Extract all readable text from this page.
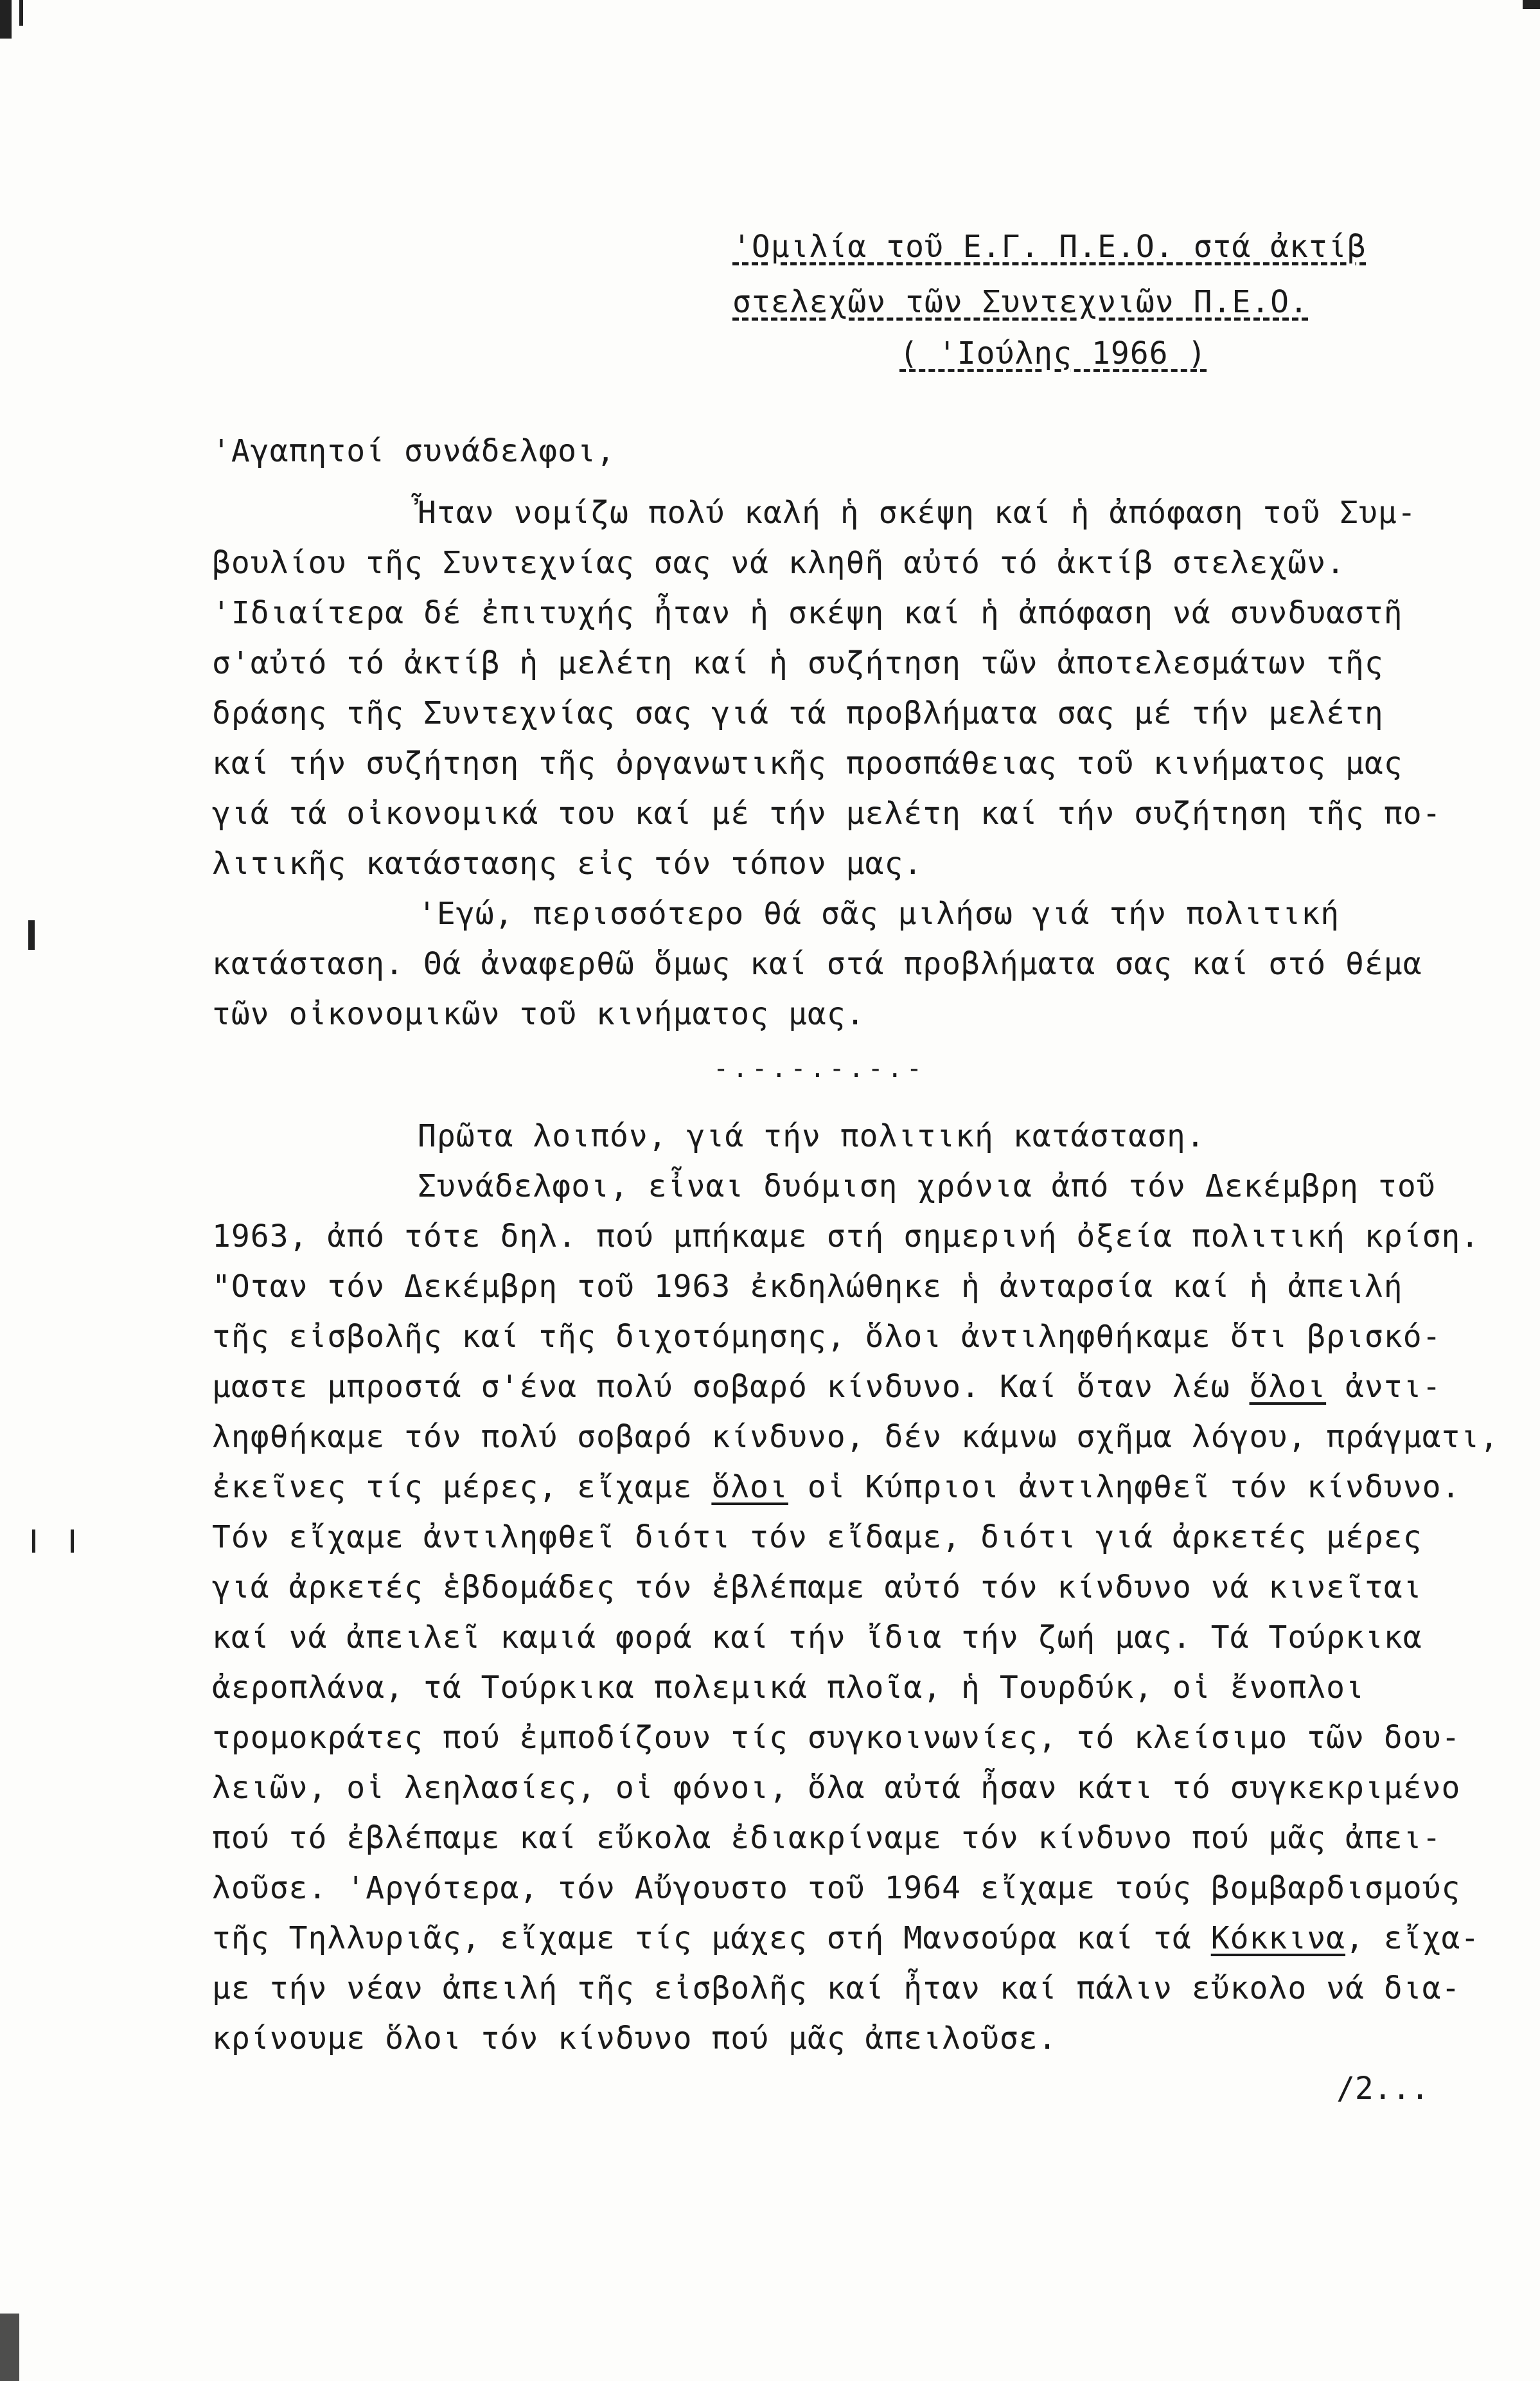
'Ομιλία τοῦ Ε.Γ. Π.Ε.Ο. στά ἀκτίβ
στελεχῶν τῶν Συντεχνιῶν Π.Ε.Ο.
( 'Ιούλης 1966 )
'Αγαπητοί συνάδελφοι,
Ἦταν νομίζω πολύ καλή ἡ σκέψη καί ἡ ἀπόφαση τοῦ Συμ-
βουλίου τῆς Συντεχνίας σας νά κληθῆ αὐτό τό ἀκτίβ στελεχῶν.
'Ιδιαίτερα δέ ἐπιτυχής ἦταν ἡ σκέψη καί ἡ ἀπόφαση νά συνδυαστῆ
σ'αὐτό τό ἀκτίβ ἡ μελέτη καί ἡ συζήτηση τῶν ἀποτελεσμάτων τῆς
δράσης τῆς Συντεχνίας σας γιά τά προβλήματα σας μέ τήν μελέτη
καί τήν συζήτηση τῆς ὀργανωτικῆς προσπάθειας τοῦ κινήματος μας
γιά τά οἰκονομικά του καί μέ τήν μελέτη καί τήν συζήτηση τῆς πο-
λιτικῆς κατάστασης εἰς τόν τόπον μας.
'Εγώ, περισσότερο θά σᾶς μιλήσω γιά τήν πολιτική
κατάσταση. Θά ἀναφερθῶ ὅμως καί στά προβλήματα σας καί στό θέμα
τῶν οἰκονομικῶν τοῦ κινήματος μας.
-.-.-.-.-.-
Πρῶτα λοιπόν, γιά τήν πολιτική κατάσταση.
Συνάδελφοι, εἶναι δυόμιση χρόνια ἀπό τόν Δεκέμβρη τοῦ
1963, ἀπό τότε δηλ. πού μπήκαμε στή σημερινή ὀξεία πολιτική κρίση.
"Οταν τόν Δεκέμβρη τοῦ 1963 ἐκδηλώθηκε ἡ ἀνταρσία καί ἡ ἀπειλή
τῆς εἰσβολῆς καί τῆς διχοτόμησης, ὅλοι ἀντιληφθήκαμε ὅτι βρισκό-
μαστε μπροστά σ'ένα πολύ σοβαρό κίνδυνο. Καί ὅταν λέω ὅλοι ἀντι-
ληφθήκαμε τόν πολύ σοβαρό κίνδυνο, δέν κάμνω σχῆμα λόγου, πράγματι,
ἐκεῖνες τίς μέρες, εἴχαμε ὅλοι οἱ Κύπριοι ἀντιληφθεῖ τόν κίνδυνο.
Τόν εἴχαμε ἀντιληφθεῖ διότι τόν εἴδαμε, διότι γιά ἀρκετές μέρες
γιά ἀρκετές ἑβδομάδες τόν ἐβλέπαμε αὐτό τόν κίνδυνο νά κινεῖται
καί νά ἀπειλεῖ καμιά φορά καί τήν ἴδια τήν ζωή μας. Τά Τούρκικα
ἀεροπλάνα, τά Τούρκικα πολεμικά πλοῖα, ἡ Τουρδύκ, οἱ ἔνοπλοι
τρομοκράτες πού ἐμποδίζουν τίς συγκοινωνίες, τό κλείσιμο τῶν δου-
λειῶν, οἱ λεηλασίες, οἱ φόνοι, ὅλα αὐτά ἦσαν κάτι τό συγκεκριμένο
πού τό ἐβλέπαμε καί εὔκολα ἐδιακρίναμε τόν κίνδυνο πού μᾶς ἀπει-
λοῦσε. 'Αργότερα, τόν Αὔγουστο τοῦ 1964 εἴχαμε τούς βομβαρδισμούς
τῆς Τηλλυριᾶς, εἴχαμε τίς μάχες στή Μανσούρα καί τά Κόκκινα, εἴχα-
με τήν νέαν ἀπειλή τῆς εἰσβολῆς καί ἦταν καί πάλιν εὔκολο νά δια-
κρίνουμε ὅλοι τόν κίνδυνο πού μᾶς ἀπειλοῦσε.
/2...
